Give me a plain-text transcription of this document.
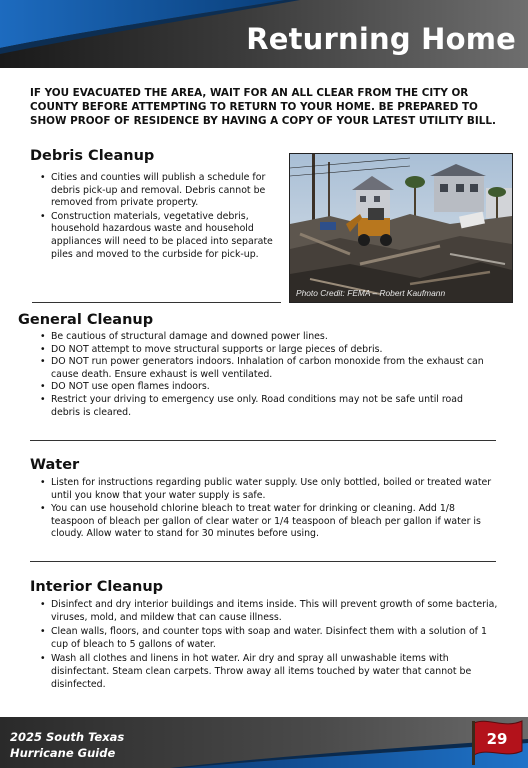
Returning Home
IF YOU EVACUATED THE AREA, WAIT FOR AN ALL CLEAR FROM THE CITY OR COUNTY BEFORE ATTEMPTING TO RETURN TO YOUR HOME. BE PREPARED TO SHOW PROOF OF RESIDENCE BY HAVING A COPY OF YOUR LATEST UTILITY BILL.
Debris Cleanup
• Cities and counties will publish a schedule for debris pick-up and removal. Debris cannot be removed from private property.
• Construction materials, vegetative debris, household hazardous waste and household appliances will need to be placed into separate piles and moved to the curbside for pick-up.
Photo Credit: FEMA – Robert Kaufmann
General Cleanup
• Be cautious of structural damage and downed power lines.
• DO NOT attempt to move structural supports or large pieces of debris.
• DO NOT run power generators indoors. Inhalation of carbon monoxide from the exhaust can cause death. Ensure exhaust is well ventilated.
• DO NOT use open flames indoors.
• Restrict your driving to emergency use only. Road conditions may not be safe until road debris is cleared.
Water
• Listen for instructions regarding public water supply. Use only bottled, boiled or treated water until you know that your water supply is safe.
• You can use household chlorine bleach to treat water for drinking or cleaning. Add 1/8 teaspoon of bleach per gallon of clear water or 1/4 teaspoon of bleach per gallon if water is cloudy. Allow water to stand for 30 minutes before using.
Interior Cleanup
• Disinfect and dry interior buildings and items inside. This will prevent growth of some bacteria, viruses, mold, and mildew that can cause illness.
• Clean walls, floors, and counter tops with soap and water. Disinfect them with a solution of 1 cup of bleach to 5 gallons of water.
• Wash all clothes and linens in hot water. Air dry and spray all unwashable items with disinfectant. Steam clean carpets. Throw away all items touched by water that cannot be disinfected.
2025 South Texas
Hurricane Guide
29
